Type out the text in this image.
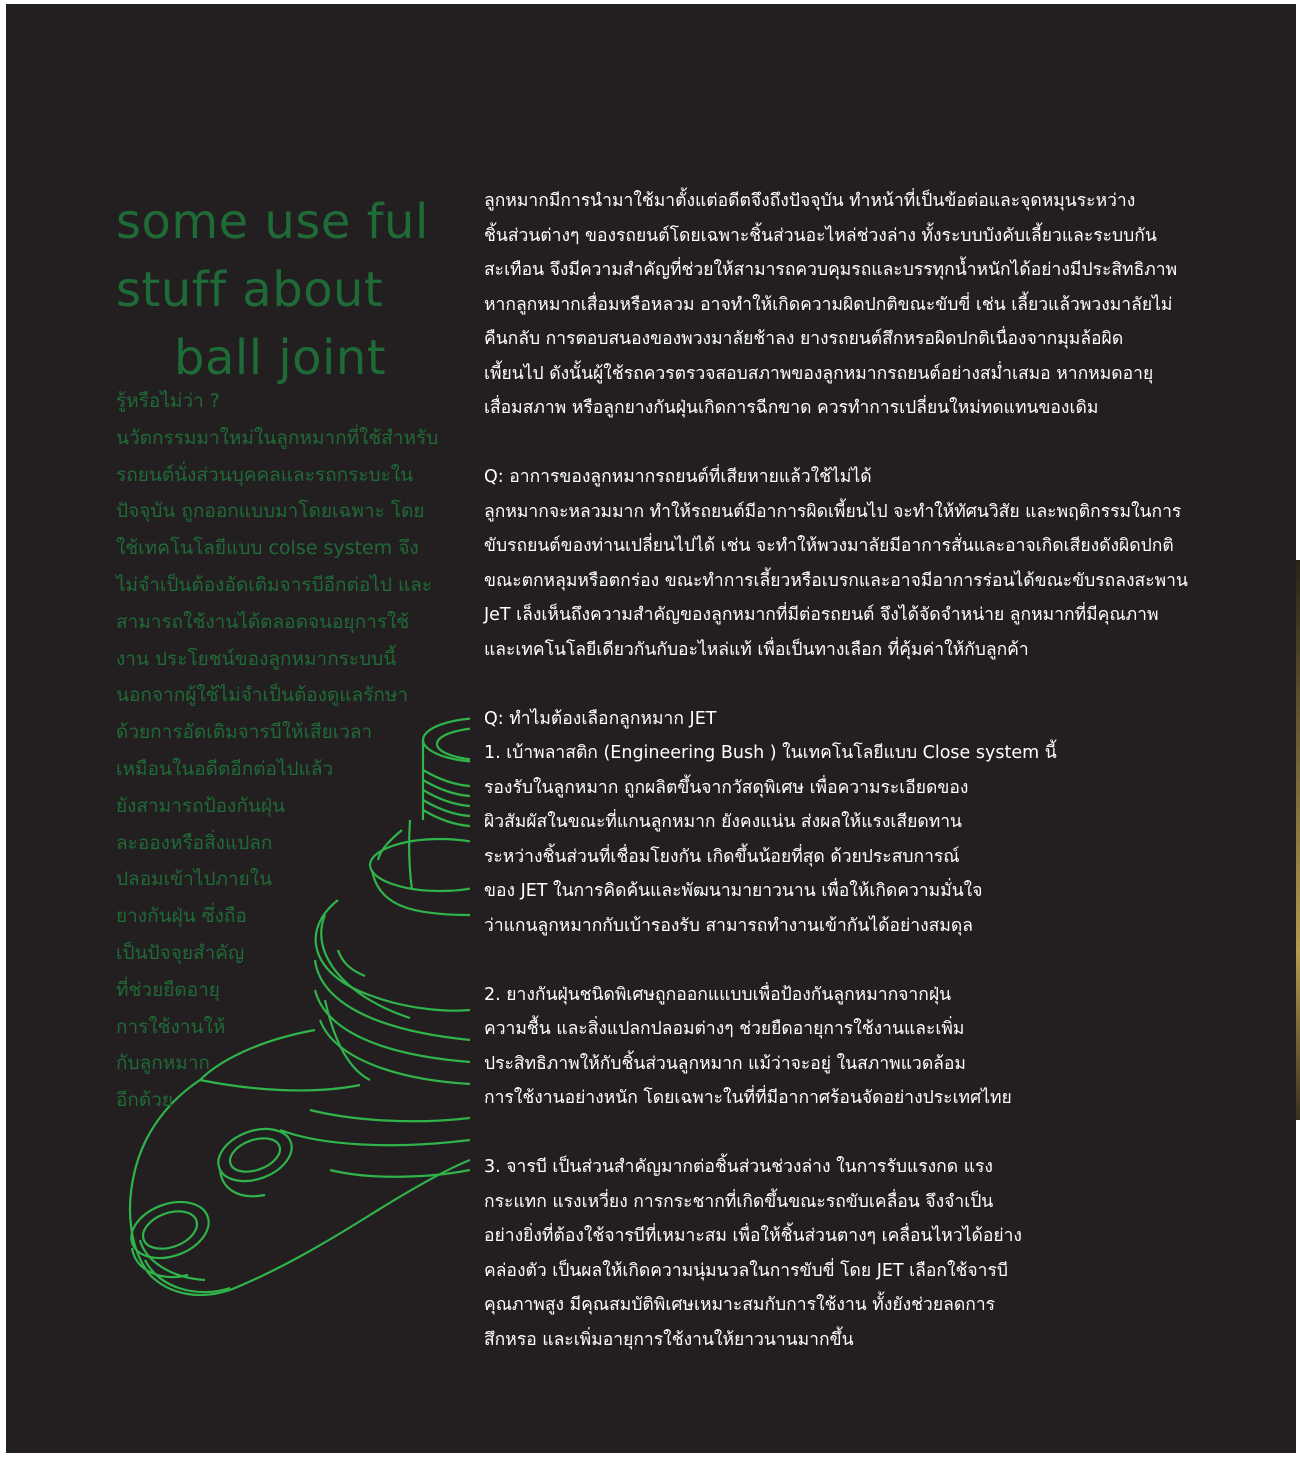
some use ful
stuff about
ball joint
รู้หรือไม่ว่า ?
นวัตกรรมมาใหม่ในลูกหมากที่ใช้สำหรับ
รถยนต์นั่งส่วนบุคคลและรถกระบะใน
ปัจจุบัน ถูกออกแบบมาโดยเฉพาะ โดย
ใช้เทคโนโลยีแบบ colse system จึง
ไม่จำเป็นต้องอัดเติมจารบีอีกต่อไป และ
สามารถใช้งานได้ตลอดจนอยุการใช้
งาน ประโยชน์ของลูกหมากระบบนี้
นอกจากผู้ใช้ไม่จำเป็นต้องดูแลรักษา
ด้วยการอัดเติมจารบีให้เสียเวลา
เหมือนในอดีตอีกต่อไปแล้ว
ยังสามารถป้องกันฝุ่น
ละอองหรือสิ่งแปลก
ปลอมเข้าไปภายใน
ยางกันฝุ่น ซึ่งถือ
เป็นปัจจุยสำคัญ
ที่ช่วยยืดอายุ
การใช้งานให้
กับลูกหมาก
อีกด้วย
ลูกหมากมีการนำมาใช้มาตั้งแต่อดีตจึงถึงปัจจุบัน ทำหน้าที่เป็นข้อต่อและจุดหมุนระหว่าง
ชิ้นส่วนต่างๆ ของรถยนต์โดยเฉพาะชิ้นส่วนอะไหล่ช่วงล่าง ทั้งระบบบังคับเลี้ยวและระบบกัน
สะเทือน จึงมีความสำคัญที่ช่วยให้สามารถควบคุมรถและบรรทุกน้ำหนักได้อย่างมีประสิทธิภาพ
หากลูกหมากเสื่อมหรือหลวม อาจทำให้เกิดความผิดปกติขณะขับขี่ เช่น เลี้ยวแล้วพวงมาลัยไม่
คืนกลับ การตอบสนองของพวงมาลัยช้าลง ยางรถยนต์สึกหรอผิดปกติเนื่องจากมุมล้อผิด
เพี้ยนไป ดังนั้นผู้ใช้รถควรตรวจสอบสภาพของลูกหมากรถยนต์อย่างสม่ำเสมอ หากหมดอายุ
เสื่อมสภาพ หรือลูกยางกันฝุ่นเกิดการฉีกขาด ควรทำการเปลี่ยนใหม่ทดแทนของเดิม
Q: อาการของลูกหมากรถยนต์ที่เสียหายแล้วใช้ไม่ได้
ลูกหมากจะหลวมมาก ทำให้รถยนต์มีอาการผิดเพี้ยนไป จะทำให้ทัศนวิสัย และพฤติกรรมในการ
ขับรถยนต์ของท่านเปลี่ยนไปได้ เช่น จะทำให้พวงมาลัยมีอาการสั่นและอาจเกิดเสียงดังผิดปกติ
ขณะตกหลุมหรือตกร่อง ขณะทำการเลี้ยวหรือเบรกและอาจมีอาการร่อนได้ขณะขับรถลงสะพาน
JeT เล็งเห็นถึงความสำคัญของลูกหมากที่มีต่อรถยนต์ จึงได้จัดจำหน่าย ลูกหมากที่มีคุณภาพ
และเทคโนโลยีเดียวกันกับอะไหล่แท้ เพื่อเป็นทางเลือก ที่คุ้มค่าให้กับลูกค้า
Q: ทำไมต้องเลือกลูกหมาก JET
1. เบ้าพลาสติก (Engineering Bush ) ในเทคโนโลยีแบบ Close system นี้
รองรับในลูกหมาก ถูกผลิตขึ้นจากวัสดุพิเศษ เพื่อความระเอียดของ
ผิวสัมผัสในขณะที่แกนลูกหมาก ยังคงแน่น ส่งผลให้แรงเสียดทาน
ระหว่างชิ้นส่วนที่เชื่อมโยงกัน เกิดขึ้นน้อยที่สุด ด้วยประสบการณ์
ของ JET ในการคิดค้นและพัฒนามายาวนาน เพื่อให้เกิดความมั่นใจ
ว่าแกนลูกหมากกับเบ้ารองรับ สามารถทำงานเข้ากันได้อย่างสมดุล
2. ยางกันฝุ่นชนิดพิเศษถูกออกแแบบเพื่อป้องกันลูกหมากจากฝุ่น
ความชื้น และสิ่งแปลกปลอมต่างๆ ช่วยยืดอายุการใช้งานและเพิ่ม
ประสิทธิภาพให้กับชิ้นส่วนลูกหมาก แม้ว่าจะอยู่ ในสภาพแวดล้อม
การใช้งานอย่างหนัก โดยเฉพาะในที่ที่มีอากาศร้อนจัดอย่างประเทศไทย
3. จารบี เป็นส่วนสำคัญมากต่อชิ้นส่วนช่วงล่าง ในการรับแรงกด แรง
กระแทก แรงเหวี่ยง การกระชากที่เกิดขึ้นขณะรถขับเคลื่อน จึงจำเป็น
อย่างยิ่งที่ต้องใช้จารบีที่เหมาะสม เพื่อให้ชิ้นส่วนตางๆ เคลื่อนไหวได้อย่าง
คล่องตัว เป็นผลให้เกิดความนุ่มนวลในการขับขี่ โดย JET เลือกใช้จารบี
คุณภาพสูง มีคุณสมบัติพิเศษเหมาะสมกับการใช้งาน ทั้งยังช่วยลดการ
สึกหรอ และเพิ่มอายุการใช้งานให้ยาวนานมากขึ้น
